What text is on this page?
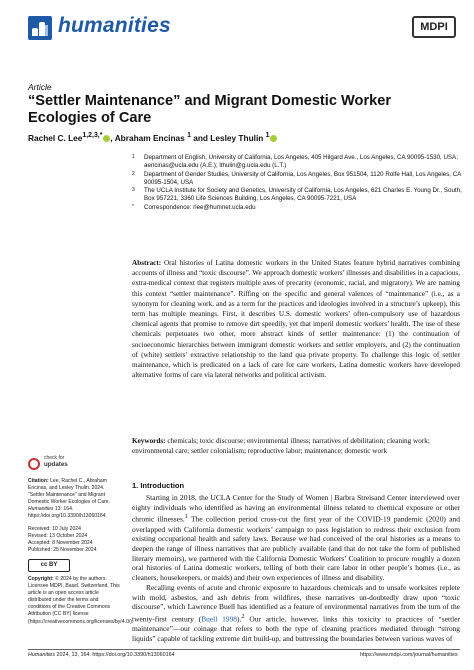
humanities	MDPI
Article
“Settler Maintenance” and Migrant Domestic Worker Ecologies of Care
Rachel C. Lee$^{1,2,3,*}$ , Abraham Encinas $^1$ and Lesley Thulin $^1$
1 Department of English, University of California, Los Angeles, 405 Hilgard Ave., Los Angeles, CA 90095-1530, USA; aencinas@ucla.edu (A.E.); lthulin@g.ucla.edu (L.T.)
2 Department of Gender Studies, University of California, Los Angeles, Box 951504, 1120 Rolfe Hall, Los Angeles, CA 90095-1504, USA
3 The UCLA Institute for Society and Genetics, University of California, Los Angeles, 621 Charles E. Young Dr., South, Box 957221, 3360 Life Sciences Building, Los Angeles, CA 90095-7221, USA
* Correspondence: rlee@humnet.ucla.edu
Abstract: Oral histories of Latina domestic workers in the United States feature hybrid narratives combining accounts of illness and “toxic discourse”. We approach domestic workers’ illnesses and disabilities in a capacious, extra-medical context that registers multiple axes of precarity (economic, racial, and migratory). We are naming this context “settler maintenance”. Riffing on the specific and general valences of “maintenance” (i.e., as a synonym for cleaning work, and as a term for the practices and ideologies involved in a structure’s upkeep), this term has multiple meanings. First, it describes U.S. domestic workers’ often-compulsory use of hazardous chemical agents that promise to remove dirt speedily, yet that imperil domestic workers’ health. The use of these chemicals perpetuates two other, more abstract kinds of settler maintenance: (1) the continuation of socioeconomic hierarchies between immigrant domestic workers and settler employers, and (2) the continuation of (white) settlers’ extractive relationship to the land qua private property. To challenge this logic of settler maintenance, which is predicated on a lack of care for care workers, Latina domestic workers have developed alternative forms of care via lateral networks and political activism.
Keywords: chemicals; toxic discourse; environmental illness; narratives of debilitation; cleaning work; environmental care; settler colonialism; reproductive labor; maintenance; domestic work
check for
updates

Citation: Lee, Rachel C., Abraham Encinas, and Lesley Thulin. 2024. “Settler Maintenance” and Migrant Domestic Worker Ecologies of Care. Humanities 13: 164. https://doi.org/10.3390/h13060164

Received: 10 July 2024
Revised: 13 October 2024
Accepted: 8 November 2024
Published: 25 November 2024

cc BY

Copyright: © 2024 by the authors. Licensee MDPI, Basel, Switzerland. This article is an open access article distributed under the terms and conditions of the Creative Commons Attribution (CC BY) license (https://creativecommons.org/licenses/by/4.0/).

1. Introduction

Starting in 2018, the UCLA Center for the Study of Women | Barbra Streisand Center interviewed over eighty individuals who identified as having an environmental illness related to chemical exposure or other chronic illnesses.$^1$ The collection period cross-cut the first year of the COVID-19 pandemic (2020) and overlapped with California domestic workers’ campaign to pass legislation to redress their exclusion from existing occupational health and safety laws. Because we had conceived of the oral histories as a means to deepen the range of illness narratives that are publicly available (and that do not take the form of published literary memoirs), we partnered with the California Domestic Workers’ Coalition to procure roughly a dozen oral histories of Latina domestic workers, telling of both their care labor in other people’s homes (i.e., as cleaners, housekeepers, or maids) and their own experiences of illness and disability.

Recalling events of acute and chronic exposure to hazardous chemicals and to unsafe worksites replete with mold, asbestos, and ash debris from wildfires, these narratives un-doubtedly draw upon “toxic discourse”, which Lawrence Buell has identified as a feature of environmental narratives from the turn of the twenty-first century (Buell 1998).$^2$ Our article, however, links this toxicity to practices of “settler maintenance”—our coinage that refers to both the type of cleaning practices mediated through “strong liquids” capable of tackling extreme dirt build-up, and buttressing the boundaries between various waves of

Humanities 2024, 13, 164. https://doi.org/10.3390/h13060164	https://www.mdpi.com/journal/humanities
